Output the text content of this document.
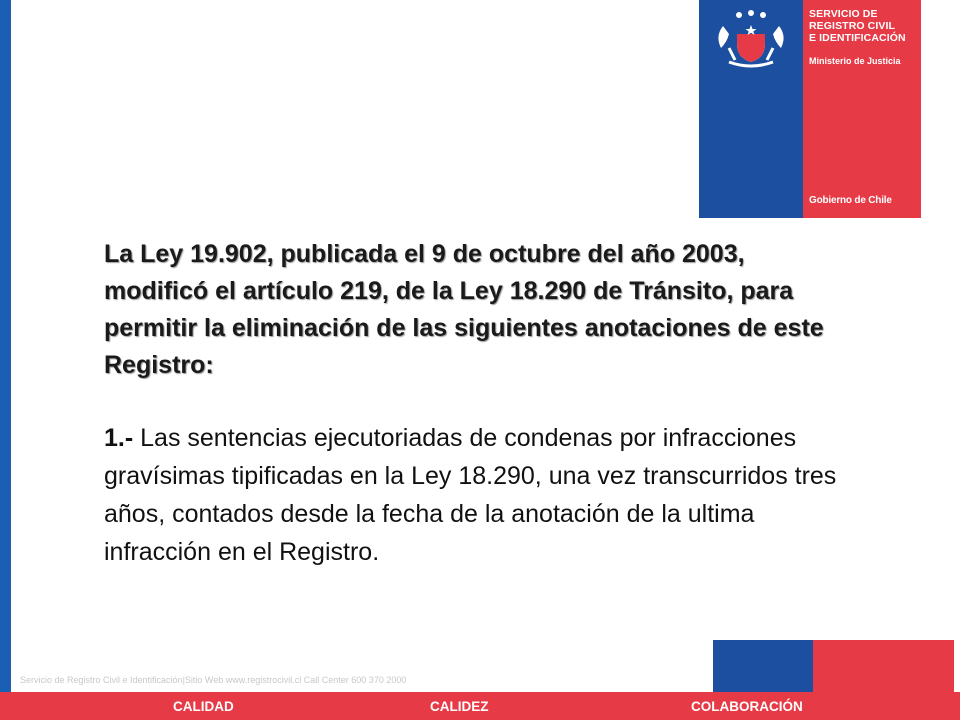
SERVICIO DE
REGISTRO CIVIL
E IDENTIFICACIÓN
Ministerio de Justicia
Gobierno de Chile

La Ley 19.902, publicada el 9 de octubre del año 2003, modificó el artículo 219, de la Ley 18.290 de Tránsito, para permitir la eliminación de las siguientes anotaciones de este Registro:

1.- Las sentencias ejecutoriadas de condenas por infracciones gravísimas tipificadas en la Ley 18.290, una vez transcurridos tres años, contados desde la fecha de la anotación de la ultima infracción en el Registro.

Servicio de Registro Civil e Identificación|Sitio Web www.registrocivil.cl Call Center 600 370 2000
CALIDAD	CALIDEZ	COLABORACIÓN
